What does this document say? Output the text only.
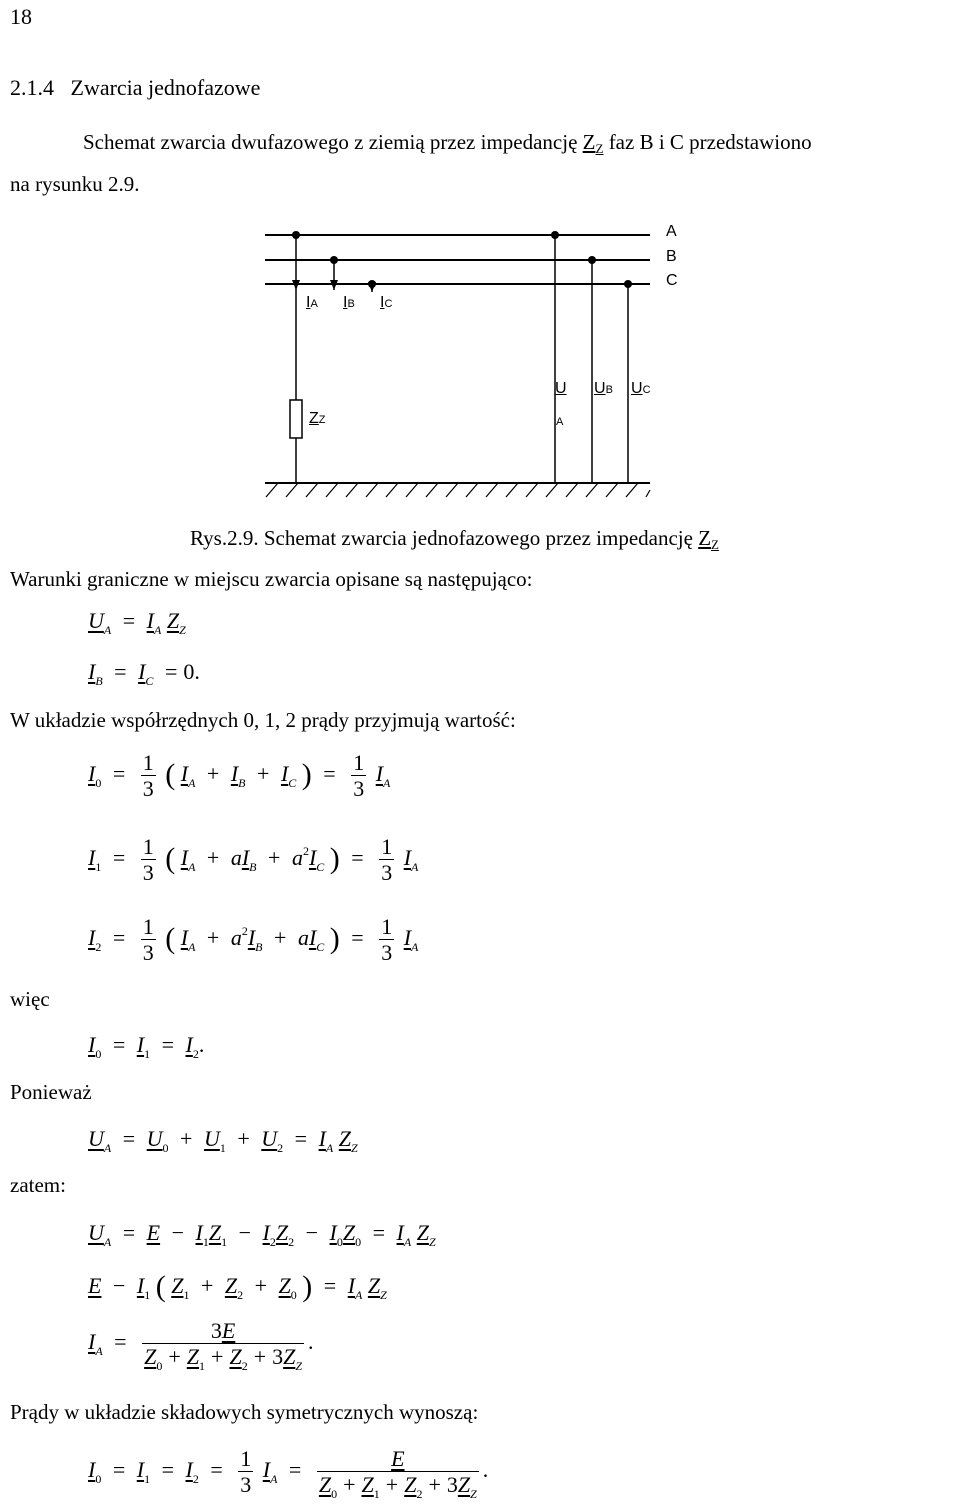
18
2.1.4 Zwarcia jednofazowe
Schemat zwarcia dwufazowego z ziemią przez impedancję ZZ faz B i C przedstawiono
na rysunku 2.9.
A
B
C
IA IB IC
U
A
UB UC
ZZ
Rys.2.9. Schemat zwarcia jednofazowego przez impedancję ZZ
Warunki graniczne w miejscu zwarcia opisane są następująco:
$U_A = I_A$ $Z_Z$
$I_B = I_C = 0$.
W układzie współrzędnych 0, 1, 2 prądy przyjmują wartość:
$I_0 = \frac{1}{3}$ ( $I_A + I_B + I_C$ ) = $\frac{1}{3} I_A$
$I_1 = \frac{1}{3}$ ( $I_A + aI_B + a^2I_C$ ) = $\frac{1}{3} I_A$
$I_2 = \frac{1}{3}$ ( $I_A + a^2I_B + aI_C$ ) = $\frac{1}{3} I_A$
więc
$I_0 = I_1 = I_2$.
Ponieważ
$U_A = U_0 + U_1 + U_2 = I_A$ $Z_Z$
zatem:
$U_A = E - I_1Z_1 - I_2Z_2 - I_0Z_0 = I_A$ $Z_Z$
$E - I_1$ ( $Z_1 + Z_2 + Z_0$ ) = $I_A$ $Z_Z$
$I_A = \frac{3E}{Z_0 + Z_1 + Z_2 + 3Z_Z}$ .
Prądy w układzie składowych symetrycznych wynoszą:
$I_0 = I_1 = I_2 = \frac{1}{3} I_A = \frac{E}{Z_0 + Z_1 + Z_2 + 3Z_Z}$ .
